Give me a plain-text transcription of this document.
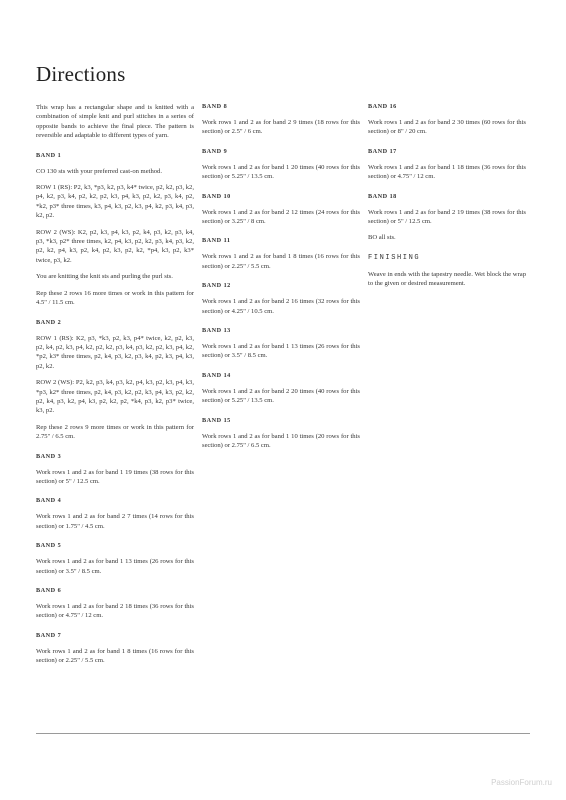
Directions

This wrap has a rectangular shape and is knitted with a combination of simple knit and purl stitches in a series of opposite bands to achieve the final piece. The pattern is reversible and adaptable to different types of yarn.

BAND 1

CO 130 sts with your preferred cast-on method.

ROW 1 (RS): P2, k3, *p3, k2, p3, k4* twice, p2, k2, p3, k2, p4, k2, p3, k4, p2, k2, p2, k3, p4, k3, p2, k2, p3, k4, p2, *k2, p3* three times, k3, p4, k3, p2, k3, p4, k2, p3, k4, p3, k2, p2.

ROW 2 (WS): K2, p2, k3, p4, k3, p2, k4, p3, k2, p3, k4, p3, *k3, p2* three times, k2, p4, k3, p2, k2, p3, k4, p3, k2, p2, k2, p4, k3, p2, k4, p2, k3, p2, k2, *p4, k3, p2, k3* twice, p3, k2.

You are knitting the knit sts and purling the purl sts.

Rep these 2 rows 16 more times or work in this pattern for 4.5" / 11.5 cm.

BAND 2

ROW 1 (RS): K2, p3, *k3, p2, k3, p4* twice, k2, p2, k3, p2, k4, p2, k3, p4, k2, p2, k2, p3, k4, p3, k2, p2, k3, p4, k2, *p2, k3* three times, p2, k4, p3, k2, p3, k4, p2, k3, p4, k3, p2, k2.

ROW 2 (WS): P2, k2, p3, k4, p3, k2, p4, k3, p2, k3, p4, k3, *p3, k2* three times, p2, k4, p3, k2, p2, k3, p4, k3, p2, k2, p2, k4, p3, k2, p4, k3, p2, k2, p2, *k4, p3, k2, p3* twice, k3, p2.

Rep these 2 rows 9 more times or work in this pattern for 2.75" / 6.5 cm.

BAND 3

Work rows 1 and 2 as for band 1 19 times (38 rows for this section) or 5" / 12.5 cm.

BAND 4

Work rows 1 and 2 as for band 2 7 times (14 rows for this section) or 1.75" / 4.5 cm.

BAND 5

Work rows 1 and 2 as for band 1 13 times (26 rows for this section) or 3.5" / 8.5 cm.

BAND 6

Work rows 1 and 2 as for band 2 18 times (36 rows for this section) or 4.75" / 12 cm.

BAND 7

Work rows 1 and 2 as for band 1 8 times (16 rows for this section) or 2.25" / 5.5 cm.

BAND 8

Work rows 1 and 2 as for band 2 9 times (18 rows for this section) or 2.5" / 6 cm.

BAND 9

Work rows 1 and 2 as for band 1 20 times (40 rows for this section) or 5.25" / 13.5 cm.

BAND 10

Work rows 1 and 2 as for band 2 12 times (24 rows for this section) or 3.25" / 8 cm.

BAND 11

Work rows 1 and 2 as for band 1 8 times (16 rows for this section) or 2.25" / 5.5 cm.

BAND 12

Work rows 1 and 2 as for band 2 16 times (32 rows for this section) or 4.25" / 10.5 cm.

BAND 13

Work rows 1 and 2 as for band 1 13 times (26 rows for this section) or 3.5" / 8.5 cm.

BAND 14

Work rows 1 and 2 as for band 2 20 times (40 rows for this section) or 5.25" / 13.5 cm.

BAND 15

Work rows 1 and 2 as for band 1 10 times (20 rows for this section) or 2.75" / 6.5 cm.

BAND 16

Work rows 1 and 2 as for band 2 30 times (60 rows for this section) or 8" / 20 cm.

BAND 17

Work rows 1 and 2 as for band 1 18 times (36 rows for this section) or 4.75" / 12 cm.

BAND 18

Work rows 1 and 2 as for band 2 19 times (38 rows for this section) or 5" / 12.5 cm.

BO all sts.

FINISHING

Weave in ends with the tapestry needle. Wet block the wrap to the given or desired measurement.

PassionForum.ru
